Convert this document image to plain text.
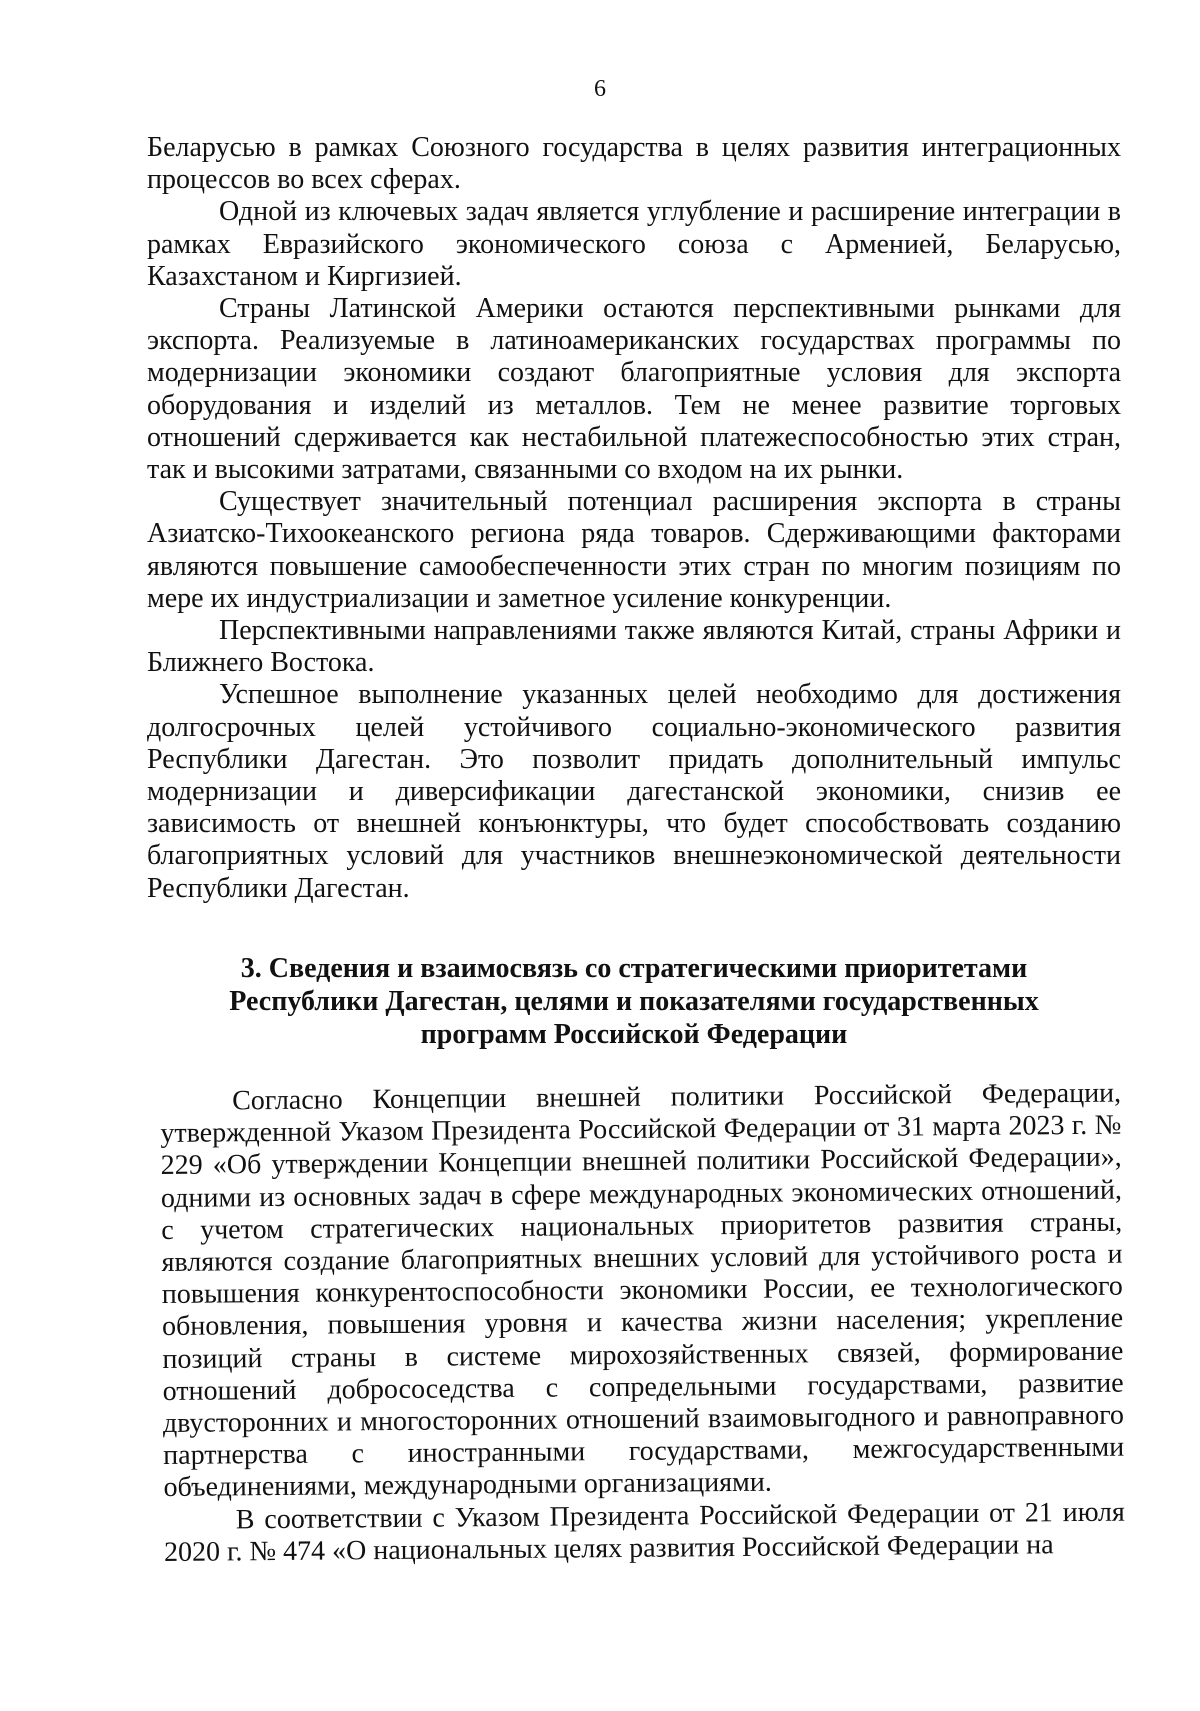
6

Беларусью в рамках Союзного государства в целях развития интеграционных процессов во всех сферах.

Одной из ключевых задач является углубление и расширение интеграции в рамках Евразийского экономического союза с Арменией, Беларусью, Казахстаном и Киргизией.

Страны Латинской Америки остаются перспективными рынками для экспорта. Реализуемые в латиноамериканских государствах программы по модернизации экономики создают благоприятные условия для экспорта оборудования и изделий из металлов. Тем не менее развитие торговых отношений сдерживается как нестабильной платежеспособностью этих стран, так и высокими затратами, связанными со входом на их рынки.

Существует значительный потенциал расширения экспорта в страны Азиатско-Тихоокеанского региона ряда товаров. Сдерживающими факторами являются повышение самообеспеченности этих стран по многим позициям по мере их индустриализации и заметное усиление конкуренции.

Перспективными направлениями также являются Китай, страны Африки и Ближнего Востока.

Успешное выполнение указанных целей необходимо для достижения долгосрочных целей устойчивого социально-экономического развития Республики Дагестан. Это позволит придать дополнительный импульс модернизации и диверсификации дагестанской экономики, снизив ее зависимость от внешней конъюнктуры, что будет способствовать созданию благоприятных условий для участников внешнеэкономической деятельности Республики Дагестан.

3. Сведения и взаимосвязь со стратегическими приоритетами
Республики Дагестан, целями и показателями государственных
программ Российской Федерации

Согласно Концепции внешней политики Российской Федерации, утвержденной Указом Президента Российской Федерации от 31 марта 2023 г. № 229 «Об утверждении Концепции внешней политики Российской Федерации», одними из основных задач в сфере международных экономических отношений, с учетом стратегических национальных приоритетов развития страны, являются создание благоприятных внешних условий для устойчивого роста и повышения конкурентоспособности экономики России, ее технологического обновления, повышения уровня и качества жизни населения; укрепление позиций страны в системе мирохозяйственных связей, формирование отношений добрососедства с сопредельными государствами, развитие двусторонних и многосторонних отношений взаимовыгодного и равноправного партнерства с иностранными государствами, межгосударственными объединениями, международными организациями.

В соответствии с Указом Президента Российской Федерации от 21 июля 2020 г. № 474 «О национальных целях развития Российской Федерации на
